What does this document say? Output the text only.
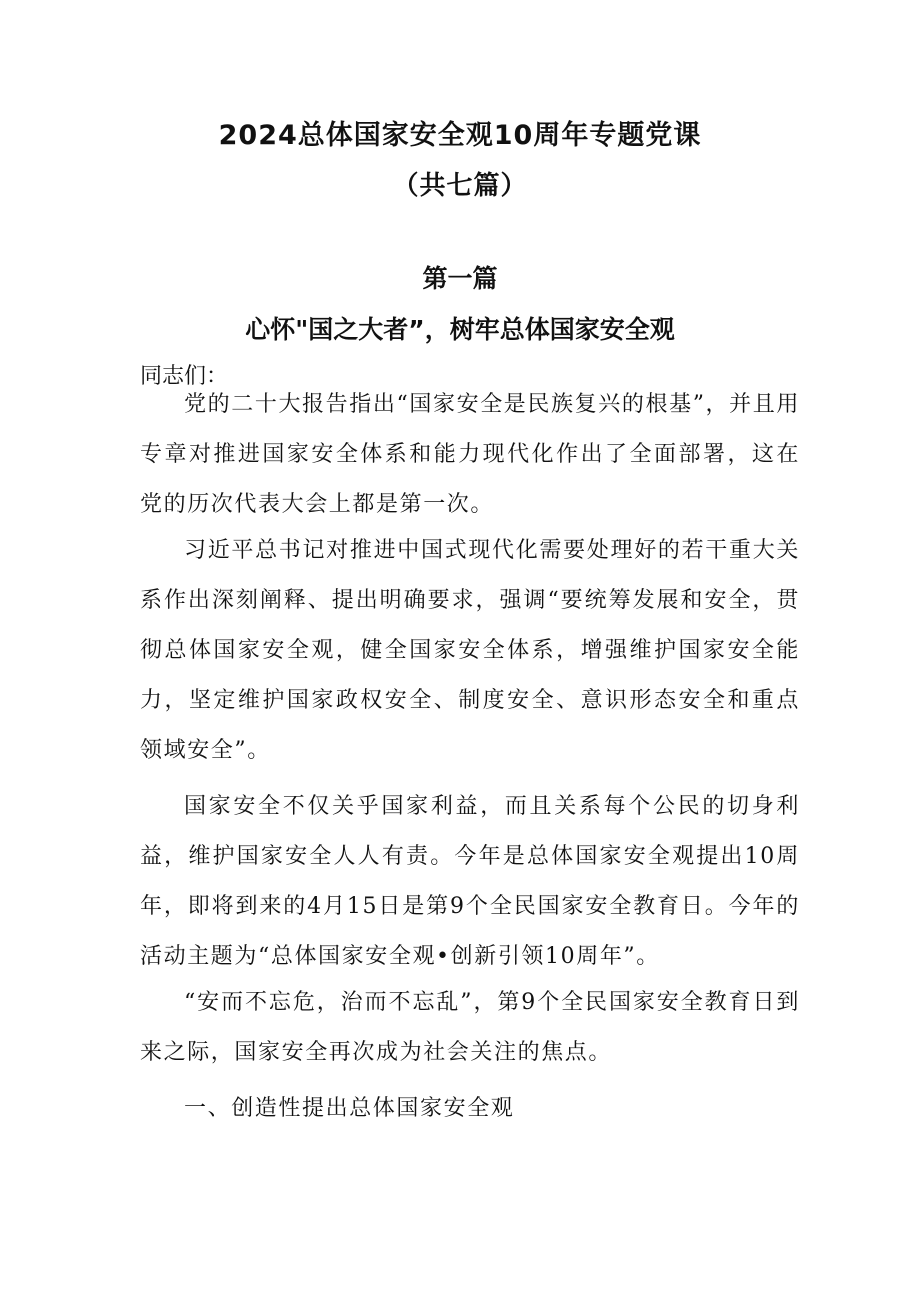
2024总体国家安全观10周年专题党课
（共七篇）
第一篇
心怀"国之大者”，树牢总体国家安全观

同志们：

党的二十大报告指出“国家安全是民族复兴的根基”，并且用专章对推进国家安全体系和能力现代化作出了全面部署，这在党的历次代表大会上都是第一次。

习近平总书记对推进中国式现代化需要处理好的若干重大关系作出深刻阐释、提出明确要求，强调“要统筹发展和安全，贯彻总体国家安全观，健全国家安全体系，增强维护国家安全能力，坚定维护国家政权安全、制度安全、意识形态安全和重点领域安全”。

国家安全不仅关乎国家利益，而且关系每个公民的切身利益，维护国家安全人人有责。今年是总体国家安全观提出10周年，即将到来的4月15日是第9个全民国家安全教育日。今年的活动主题为“总体国家安全观•创新引领10周年”。

“安而不忘危，治而不忘乱”，第9个全民国家安全教育日到来之际，国家安全再次成为社会关注的焦点。

一、创造性提出总体国家安全观
